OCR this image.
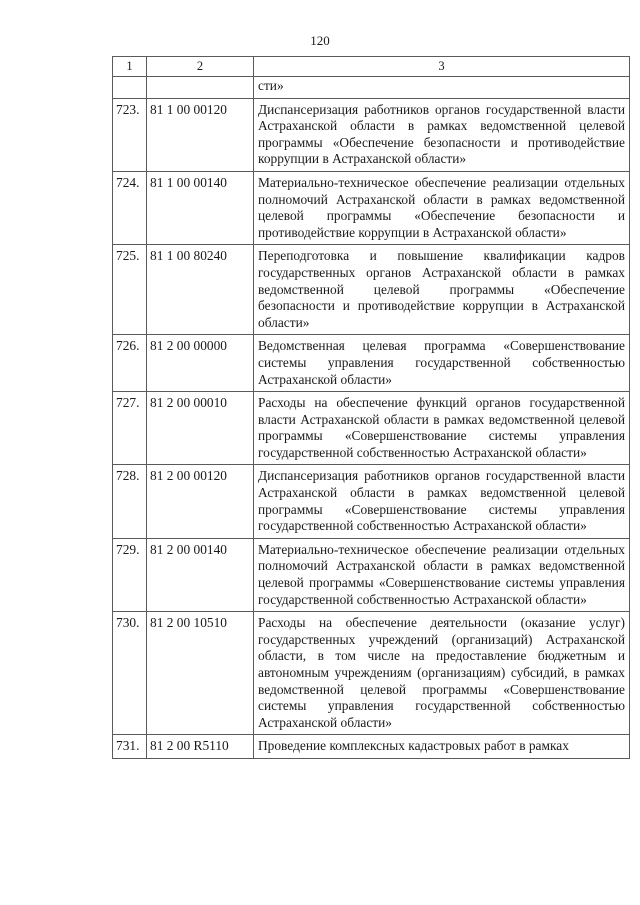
120
1	2	3
		сти»
723.	81 1 00 00120	Диспансеризация работников органов государственной власти Астраханской области в рамках ведомственной целевой программы «Обеспечение безопасности и противодействие коррупции в Астраханской области»
724.	81 1 00 00140	Материально-техническое обеспечение реализации отдельных полномочий Астраханской области в рамках ведомственной целевой программы «Обеспечение безопасности и противодействие коррупции в Астраханской области»
725.	81 1 00 80240	Переподготовка и повышение квалификации кадров государственных органов Астраханской области в рамках ведомственной целевой программы «Обеспечение безопасности и противодействие коррупции в Астраханской области»
726.	81 2 00 00000	Ведомственная целевая программа «Совершенствование системы управления государственной собственностью Астраханской области»
727.	81 2 00 00010	Расходы на обеспечение функций органов государственной власти Астраханской области в рамках ведомственной целевой программы «Совершенствование системы управления государственной собственностью Астраханской области»
728.	81 2 00 00120	Диспансеризация работников органов государственной власти Астраханской области в рамках ведомственной целевой программы «Совершенствование системы управления государственной собственностью Астраханской области»
729.	81 2 00 00140	Материально-техническое обеспечение реализации отдельных полномочий Астраханской области в рамках ведомственной целевой программы «Совершенствование системы управления государственной собственностью Астраханской области»
730.	81 2 00 10510	Расходы на обеспечение деятельности (оказание услуг) государственных учреждений (организаций) Астраханской области, в том числе на предоставление бюджетным и автономным учреждениям (организациям) субсидий, в рамках ведомственной целевой программы «Совершенствование системы управления государственной собственностью Астраханской области»
731.	81 2 00 R5110	Проведение комплексных кадастровых работ в рамках
